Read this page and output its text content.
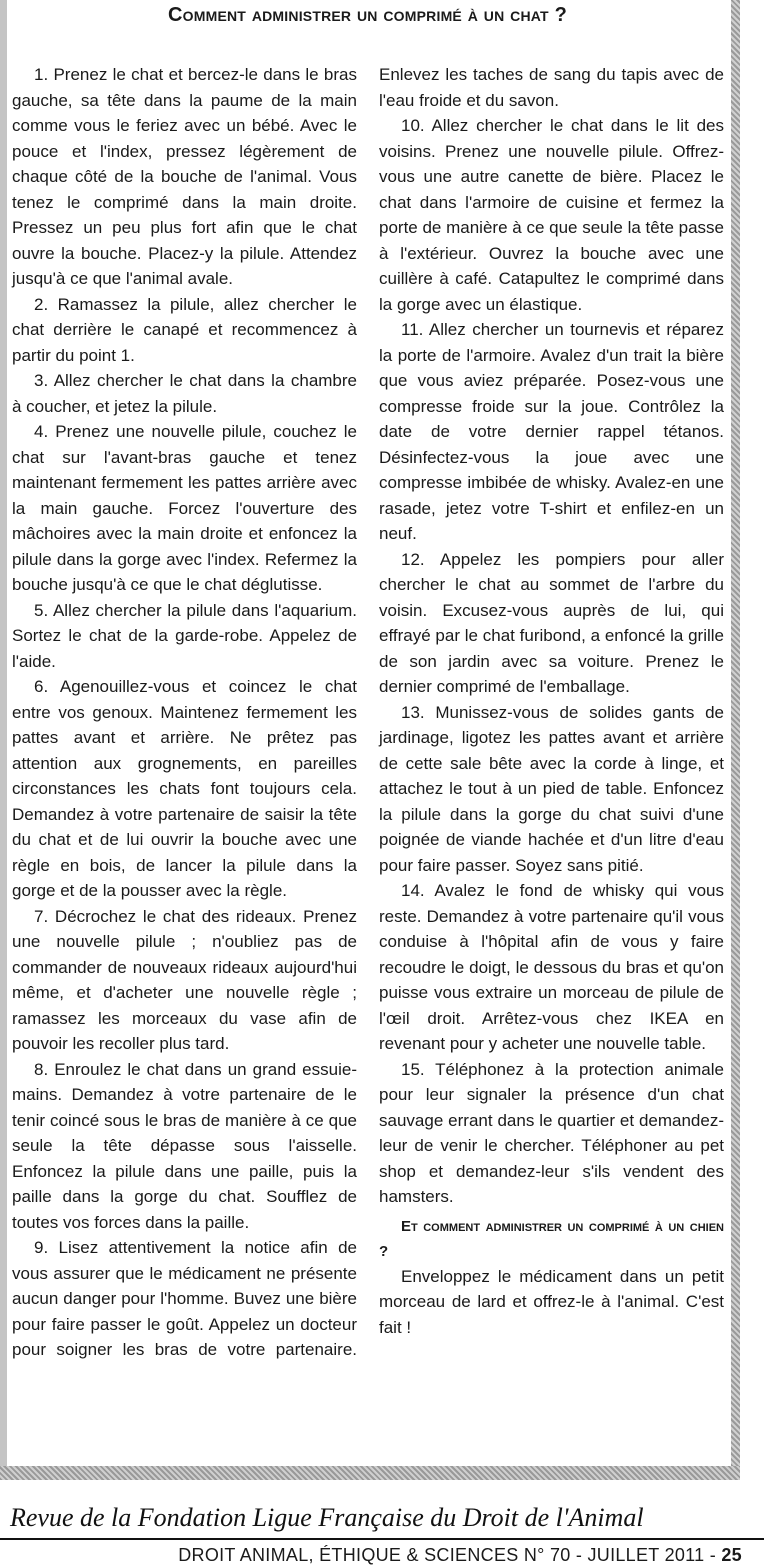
Comment administrer un comprimé à un chat ?

1. Prenez le chat et bercez-le dans le bras gauche, sa tête dans la paume de la main comme vous le feriez avec un bébé. Avec le pouce et l'index, pressez légèrement de chaque côté de la bouche de l'animal. Vous tenez le comprimé dans la main droite. Pressez un peu plus fort afin que le chat ouvre la bouche. Placez-y la pilule. Attendez jusqu'à ce que l'animal avale.

2. Ramassez la pilule, allez chercher le chat derrière le canapé et recommencez à partir du point 1.

3. Allez chercher le chat dans la chambre à coucher, et jetez la pilule.

4. Prenez une nouvelle pilule, couchez le chat sur l'avant-bras gauche et tenez maintenant fermement les pattes arrière avec la main gauche. Forcez l'ouverture des mâchoires avec la main droite et enfoncez la pilule dans la gorge avec l'index. Refermez la bouche jusqu'à ce que le chat déglutisse.

5. Allez chercher la pilule dans l'aquarium. Sortez le chat de la garde-robe. Appelez de l'aide.

6. Agenouillez-vous et coincez le chat entre vos genoux. Maintenez fermement les pattes avant et arrière. Ne prêtez pas attention aux grognements, en pareilles circonstances les chats font toujours cela. Demandez à votre partenaire de saisir la tête du chat et de lui ouvrir la bouche avec une règle en bois, de lancer la pilule dans la gorge et de la pousser avec la règle.

7. Décrochez le chat des rideaux. Prenez une nouvelle pilule ; n'oubliez pas de commander de nouveaux rideaux aujourd'hui même, et d'acheter une nouvelle règle ; ramassez les morceaux du vase afin de pouvoir les recoller plus tard.

8. Enroulez le chat dans un grand essuie-mains. Demandez à votre partenaire de le tenir coincé sous le bras de manière à ce que seule la tête dépasse sous l'aisselle. Enfoncez la pilule dans une paille, puis la paille dans la gorge du chat. Soufflez de toutes vos forces dans la paille.

9. Lisez attentivement la notice afin de vous assurer que le médicament ne présente aucun danger pour l'homme. Buvez une bière pour faire passer le goût. Appelez un docteur pour soigner les bras de votre partenaire. Enlevez les taches de sang du tapis avec de l'eau froide et du savon.

10. Allez chercher le chat dans le lit des voisins. Prenez une nouvelle pilule. Offrez-vous une autre canette de bière. Placez le chat dans l'armoire de cuisine et fermez la porte de manière à ce que seule la tête passe à l'extérieur. Ouvrez la bouche avec une cuillère à café. Catapultez le comprimé dans la gorge avec un élastique.

11. Allez chercher un tournevis et réparez la porte de l'armoire. Avalez d'un trait la bière que vous aviez préparée. Posez-vous une compresse froide sur la joue. Contrôlez la date de votre dernier rappel tétanos. Désinfectez-vous la joue avec une compresse imbibée de whisky. Avalez-en une rasade, jetez votre T-shirt et enfilez-en un neuf.

12. Appelez les pompiers pour aller chercher le chat au sommet de l'arbre du voisin. Excusez-vous auprès de lui, qui effrayé par le chat furibond, a enfoncé la grille de son jardin avec sa voiture. Prenez le dernier comprimé de l'emballage.

13. Munissez-vous de solides gants de jardinage, ligotez les pattes avant et arrière de cette sale bête avec la corde à linge, et attachez le tout à un pied de table. Enfoncez la pilule dans la gorge du chat suivi d'une poignée de viande hachée et d'un litre d'eau pour faire passer. Soyez sans pitié.

14. Avalez le fond de whisky qui vous reste. Demandez à votre partenaire qu'il vous conduise à l'hôpital afin de vous y faire recoudre le doigt, le dessous du bras et qu'on puisse vous extraire un morceau de pilule de l'œil droit. Arrêtez-vous chez IKEA en revenant pour y acheter une nouvelle table.

15. Téléphonez à la protection animale pour leur signaler la présence d'un chat sauvage errant dans le quartier et demandez-leur de venir le chercher. Téléphoner au pet shop et demandez-leur s'ils vendent des hamsters.

Et comment administrer un comprimé à un chien ?

Enveloppez le médicament dans un petit morceau de lard et offrez-le à l'animal. C'est fait !

Revue de la Fondation Ligue Française du Droit de l'Animal
DROIT ANIMAL, ÉTHIQUE & SCIENCES N° 70 - JUILLET 2011 - 25
